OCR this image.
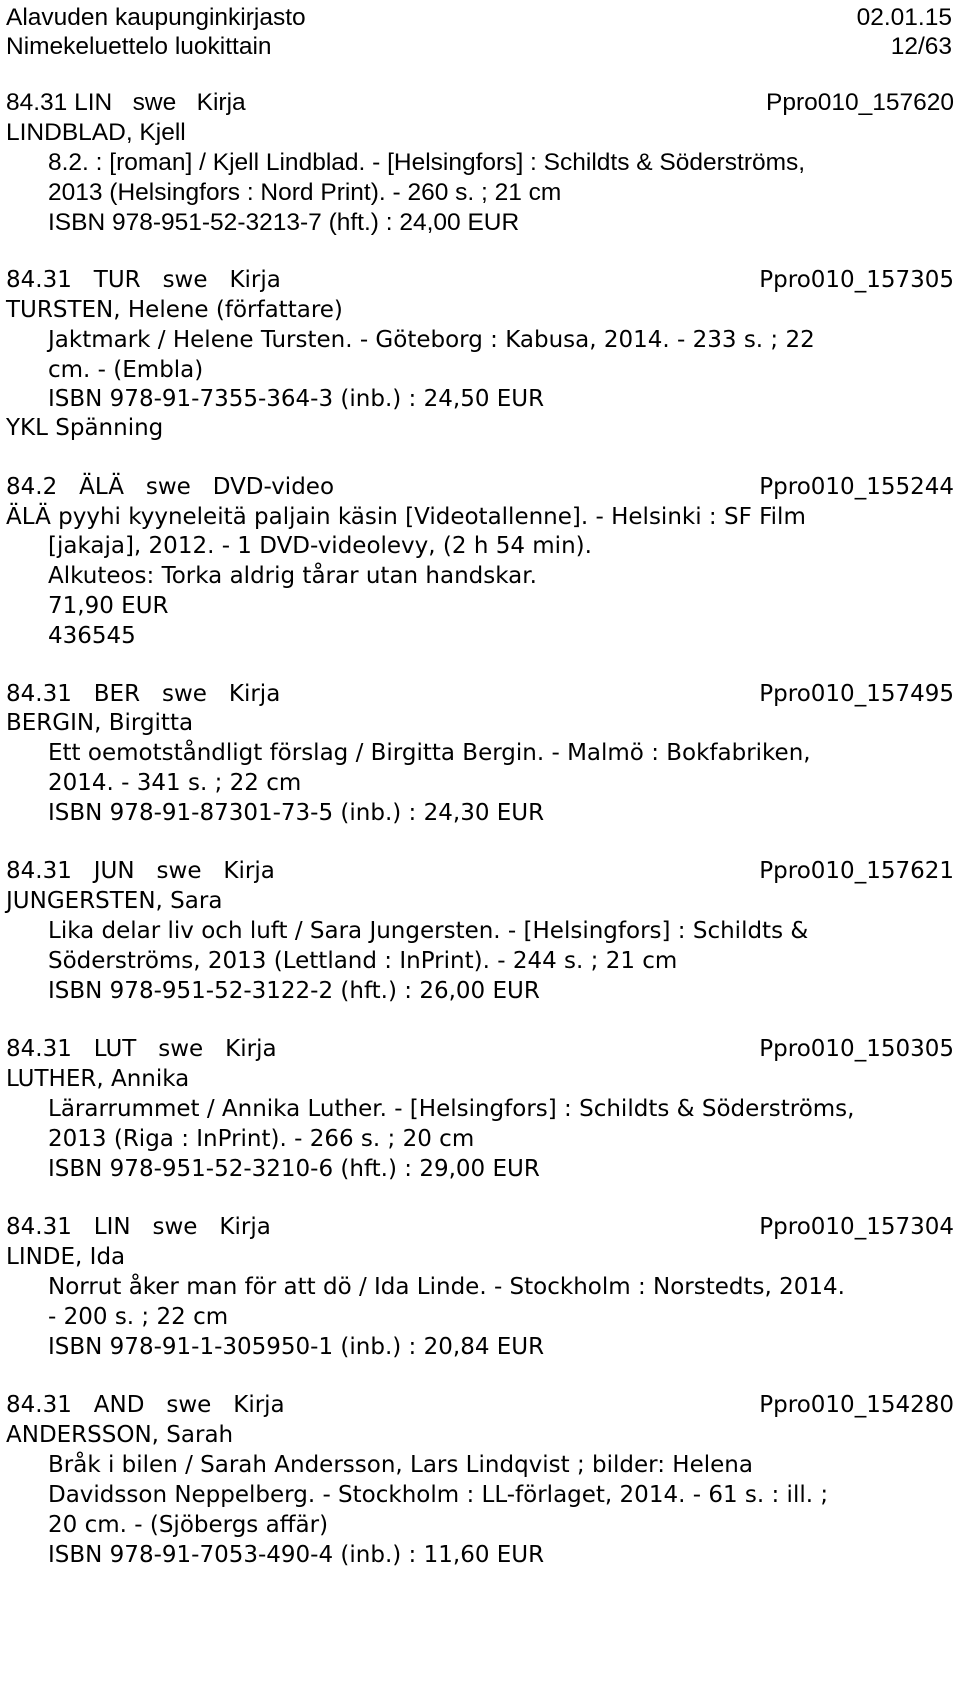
Alavuden kaupunginkirjasto	02.01.15
Nimekeluettelo luokittain	12/63
84.31 LIN   swe   Kirja	Ppro010_157620
LINDBLAD, Kjell
8.2. : [roman] / Kjell Lindblad. - [Helsingfors] : Schildts & Söderströms,
2013 (Helsingfors : Nord Print). - 260 s. ; 21 cm
ISBN 978-951-52-3213-7 (hft.) : 24,00 EUR
84.31   TUR   swe   Kirja	Ppro010_157305
TURSTEN, Helene (författare)
Jaktmark / Helene Tursten. - Göteborg : Kabusa, 2014. - 233 s. ; 22
cm. - (Embla)
ISBN 978-91-7355-364-3 (inb.) : 24,50 EUR
YKL Spänning
84.2   ÄLÄ   swe   DVD-video	Ppro010_155244
ÄLÄ pyyhi kyyneleitä paljain käsin [Videotallenne]. - Helsinki : SF Film
[jakaja], 2012. - 1 DVD-videolevy, (2 h 54 min).
Alkuteos: Torka aldrig tårar utan handskar.
71,90 EUR
436545
84.31   BER   swe   Kirja	Ppro010_157495
BERGIN, Birgitta
Ett oemotståndligt förslag / Birgitta Bergin. - Malmö : Bokfabriken,
2014. - 341 s. ; 22 cm
ISBN 978-91-87301-73-5 (inb.) : 24,30 EUR
84.31   JUN   swe   Kirja	Ppro010_157621
JUNGERSTEN, Sara
Lika delar liv och luft / Sara Jungersten. - [Helsingfors] : Schildts &
Söderströms, 2013 (Lettland : InPrint). - 244 s. ; 21 cm
ISBN 978-951-52-3122-2 (hft.) : 26,00 EUR
84.31   LUT   swe   Kirja	Ppro010_150305
LUTHER, Annika
Lärarrummet / Annika Luther. - [Helsingfors] : Schildts & Söderströms,
2013 (Riga : InPrint). - 266 s. ; 20 cm
ISBN 978-951-52-3210-6 (hft.) : 29,00 EUR
84.31   LIN   swe   Kirja	Ppro010_157304
LINDE, Ida
Norrut åker man för att dö / Ida Linde. - Stockholm : Norstedts, 2014.
- 200 s. ; 22 cm
ISBN 978-91-1-305950-1 (inb.) : 20,84 EUR
84.31   AND   swe   Kirja	Ppro010_154280
ANDERSSON, Sarah
Bråk i bilen / Sarah Andersson, Lars Lindqvist ; bilder: Helena
Davidsson Neppelberg. - Stockholm : LL-förlaget, 2014. - 61 s. : ill. ;
20 cm. - (Sjöbergs affär)
ISBN 978-91-7053-490-4 (inb.) : 11,60 EUR
